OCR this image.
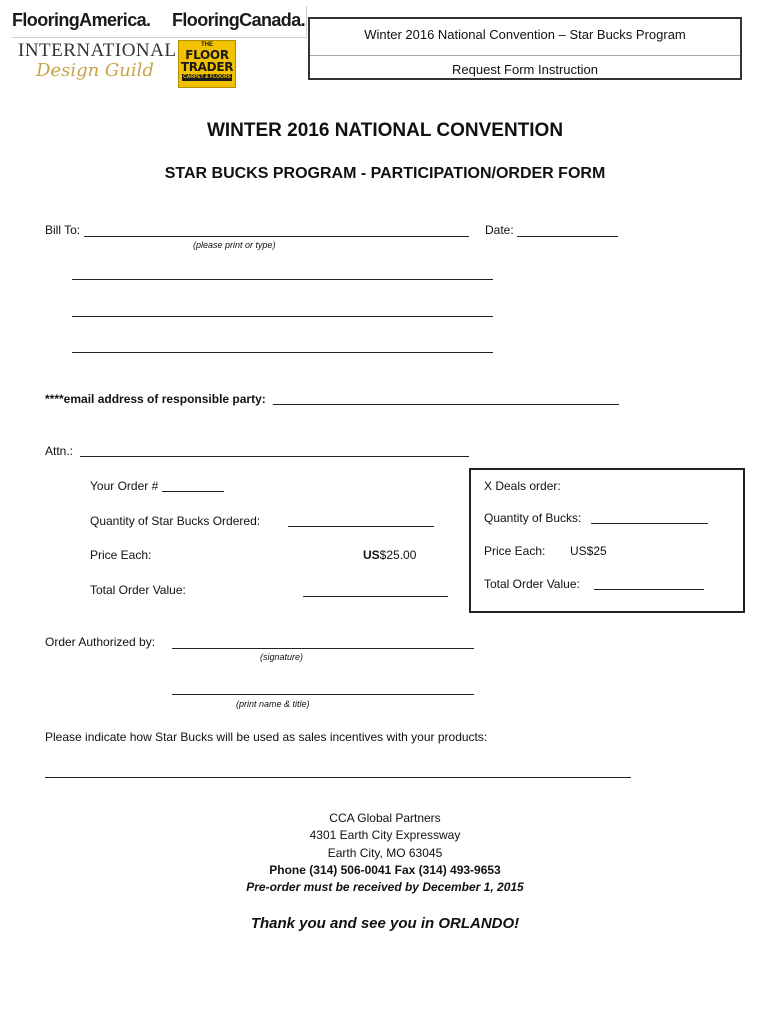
FlooringAmerica. FlooringCanada.
INTERNATIONAL
Design Guild
THE
FLOOR
TRADER
CARPET & FLOORS
Winter 2016 National Convention – Star Bucks Program
Request Form Instruction
WINTER 2016 NATIONAL CONVENTION
STAR BUCKS PROGRAM - PARTICIPATION/ORDER FORM
Bill To:
(please print or type)
Date:
****email address of responsible party:
Attn.:
Your Order #
Quantity of Star Bucks Ordered:
Price Each:	US$25.00
Total Order Value:
X Deals order:
Quantity of Bucks:
Price Each: US$25
Total Order Value:
Order Authorized by:
(signature)
(print name & title)
Please indicate how Star Bucks will be used as sales incentives with your products:
CCA Global Partners
4301 Earth City Expressway
Earth City, MO 63045
Phone (314) 506-0041 Fax (314) 493-9653
Pre-order must be received by December 1, 2015
Thank you and see you in ORLANDO!
